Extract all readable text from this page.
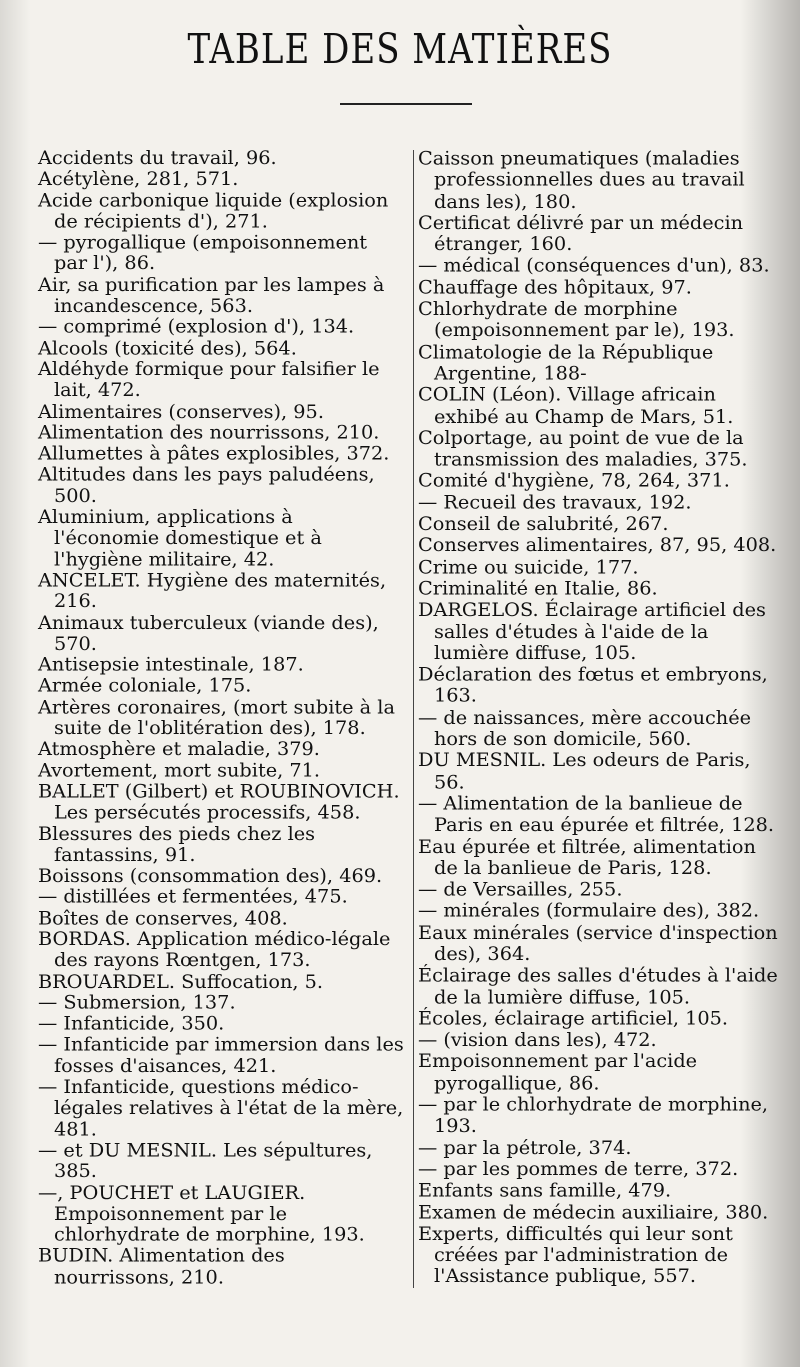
TABLE DES MATIÈRES

Accidents du travail, 96.

Acétylène, 281, 571.

Acide carbonique liquide (explosion de récipients d'), 271.

— pyrogallique (empoisonnement par l'), 86.

Air, sa purification par les lampes à incandescence, 563.

— comprimé (explosion d'), 134.

Alcools (toxicité des), 564.

Aldéhyde formique pour falsifier le lait, 472.

Alimentaires (conserves), 95.

Alimentation des nourrissons, 210.

Allumettes à pâtes explosibles, 372.

Altitudes dans les pays paludéens, 500.

Aluminium, applications à l'économie domestique et à l'hygiène militaire, 42.

ANCELET. Hygiène des maternités, 216.

Animaux tuberculeux (viande des), 570.

Antisepsie intestinale, 187.

Armée coloniale, 175.

Artères coronaires, (mort subite à la suite de l'oblitération des), 178.

Atmosphère et maladie, 379.

Avortement, mort subite, 71.

BALLET (Gilbert) et ROUBINOVICH. Les persécutés processifs, 458.

Blessures des pieds chez les fantassins, 91.

Boissons (consommation des), 469.

— distillées et fermentées, 475.

Boîtes de conserves, 408.

BORDAS. Application médico-légale des rayons Rœntgen, 173.

BROUARDEL. Suffocation, 5.

— Submersion, 137.

— Infanticide, 350.

— Infanticide par immersion dans les fosses d'aisances, 421.

— Infanticide, questions médico-légales relatives à l'état de la mère, 481.

— et DU MESNIL. Les sépultures, 385.

—, POUCHET et LAUGIER. Empoisonnement par le chlorhydrate de morphine, 193.

BUDIN. Alimentation des nourrissons, 210.

Caisson pneumatiques (maladies professionnelles dues au travail dans les), 180.

Certificat délivré par un médecin étranger, 160.

— médical (conséquences d'un), 83.

Chauffage des hôpitaux, 97.

Chlorhydrate de morphine (empoisonnement par le), 193.

Climatologie de la République Argentine, 188-

COLIN (Léon). Village africain exhibé au Champ de Mars, 51.

Colportage, au point de vue de la transmission des maladies, 375.

Comité d'hygiène, 78, 264, 371.

— Recueil des travaux, 192.

Conseil de salubrité, 267.

Conserves alimentaires, 87, 95, 408.

Crime ou suicide, 177.

Criminalité en Italie, 86.

DARGELOS. Éclairage artificiel des salles d'études à l'aide de la lumière diffuse, 105.

Déclaration des fœtus et embryons, 163.

— de naissances, mère accouchée hors de son domicile, 560.

DU MESNIL. Les odeurs de Paris, 56.

— Alimentation de la banlieue de Paris en eau épurée et filtrée, 128.

Eau épurée et filtrée, alimentation de la banlieue de Paris, 128.

— de Versailles, 255.

— minérales (formulaire des), 382.

Eaux minérales (service d'inspection des), 364.

Éclairage des salles d'études à l'aide de la lumière diffuse, 105.

Écoles, éclairage artificiel, 105.

— (vision dans les), 472.

Empoisonnement par l'acide pyrogallique, 86.

— par le chlorhydrate de morphine, 193.

— par la pétrole, 374.

— par les pommes de terre, 372.

Enfants sans famille, 479.

Examen de médecin auxiliaire, 380.

Experts, difficultés qui leur sont créées par l'administration de l'Assistance publique, 557.
